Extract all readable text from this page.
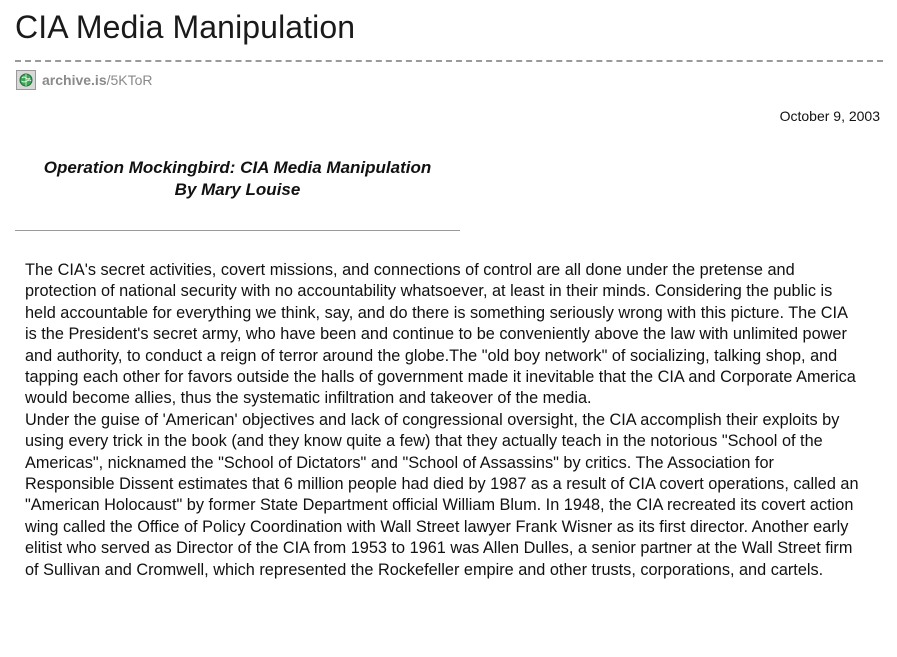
CIA Media Manipulation
archive.is/5KToR
October 9, 2003
Operation Mockingbird: CIA Media Manipulation
By Mary Louise

The CIA's secret activities, covert missions, and connections of control are all done under the pretense and protection of national security with no accountability whatsoever, at least in their minds. Considering the public is held accountable for everything we think, say, and do there is something seriously wrong with this picture. The CIA is the President's secret army, who have been and continue to be conveniently above the law with unlimited power and authority, to conduct a reign of terror around the globe.The "old boy network" of socializing, talking shop, and tapping each other for favors outside the halls of government made it inevitable that the CIA and Corporate America would become allies, thus the systematic infiltration and takeover of the media.

Under the guise of 'American' objectives and lack of congressional oversight, the CIA accomplish their exploits by using every trick in the book (and they know quite a few) that they actually teach in the notorious "School of the Americas", nicknamed the "School of Dictators" and "School of Assassins" by critics. The Association for Responsible Dissent estimates that 6 million people had died by 1987 as a result of CIA covert operations, called an "American Holocaust" by former State Department official William Blum. In 1948, the CIA recreated its covert action wing called the Office of Policy Coordination with Wall Street lawyer Frank Wisner as its first director. Another early elitist who served as Director of the CIA from 1953 to 1961 was Allen Dulles, a senior partner at the Wall Street firm of Sullivan and Cromwell, which represented the Rockefeller empire and other trusts, corporations, and cartels.
